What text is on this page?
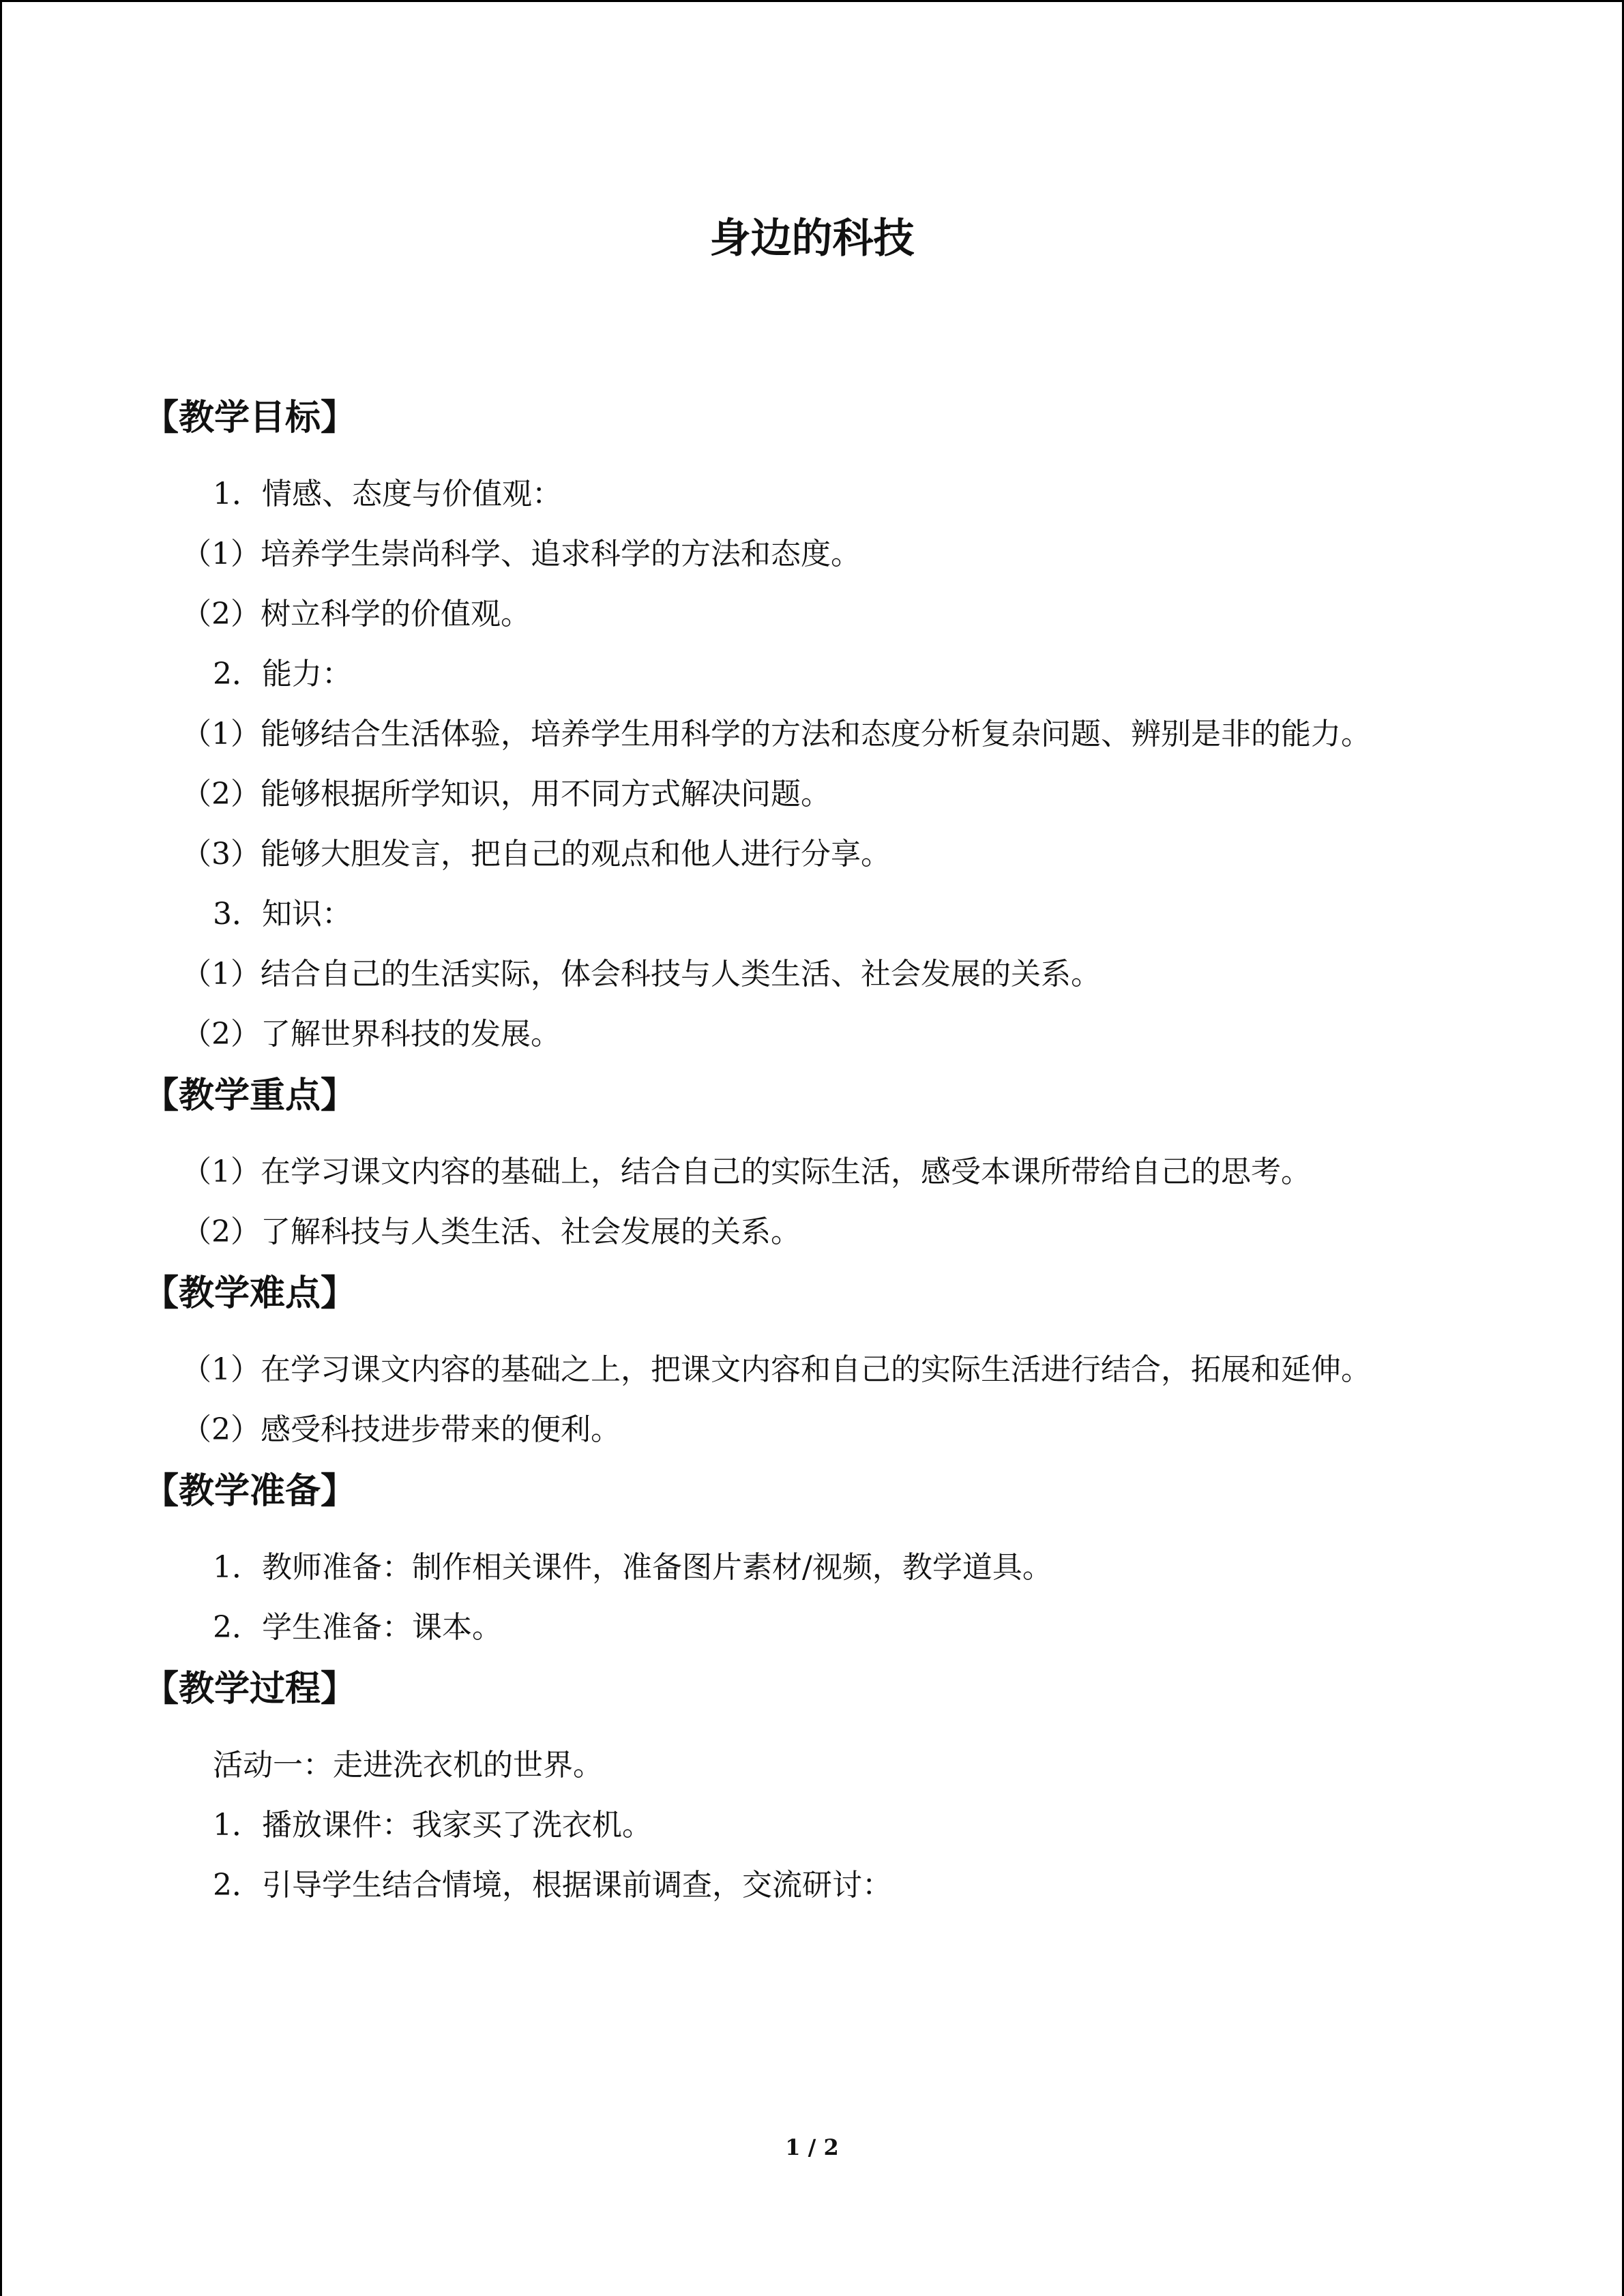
身边的科技
【教学目标】
1．情感、态度与价值观：
（1）培养学生崇尚科学、追求科学的方法和态度。
（2）树立科学的价值观。
2．能力：
（1）能够结合生活体验，培养学生用科学的方法和态度分析复杂问题、辨别是非的能力。
（2）能够根据所学知识，用不同方式解决问题。
（3）能够大胆发言，把自己的观点和他人进行分享。
3．知识：
（1）结合自己的生活实际，体会科技与人类生活、社会发展的关系。
（2）了解世界科技的发展。
【教学重点】
（1）在学习课文内容的基础上，结合自己的实际生活，感受本课所带给自己的思考。
（2）了解科技与人类生活、社会发展的关系。
【教学难点】
（1）在学习课文内容的基础之上，把课文内容和自己的实际生活进行结合，拓展和延伸。
（2）感受科技进步带来的便利。
【教学准备】
1．教师准备：制作相关课件，准备图片素材/视频，教学道具。
2．学生准备：课本。
【教学过程】
活动一：走进洗衣机的世界。
1．播放课件：我家买了洗衣机。
2．引导学生结合情境，根据课前调查，交流研讨：
1 / 2
